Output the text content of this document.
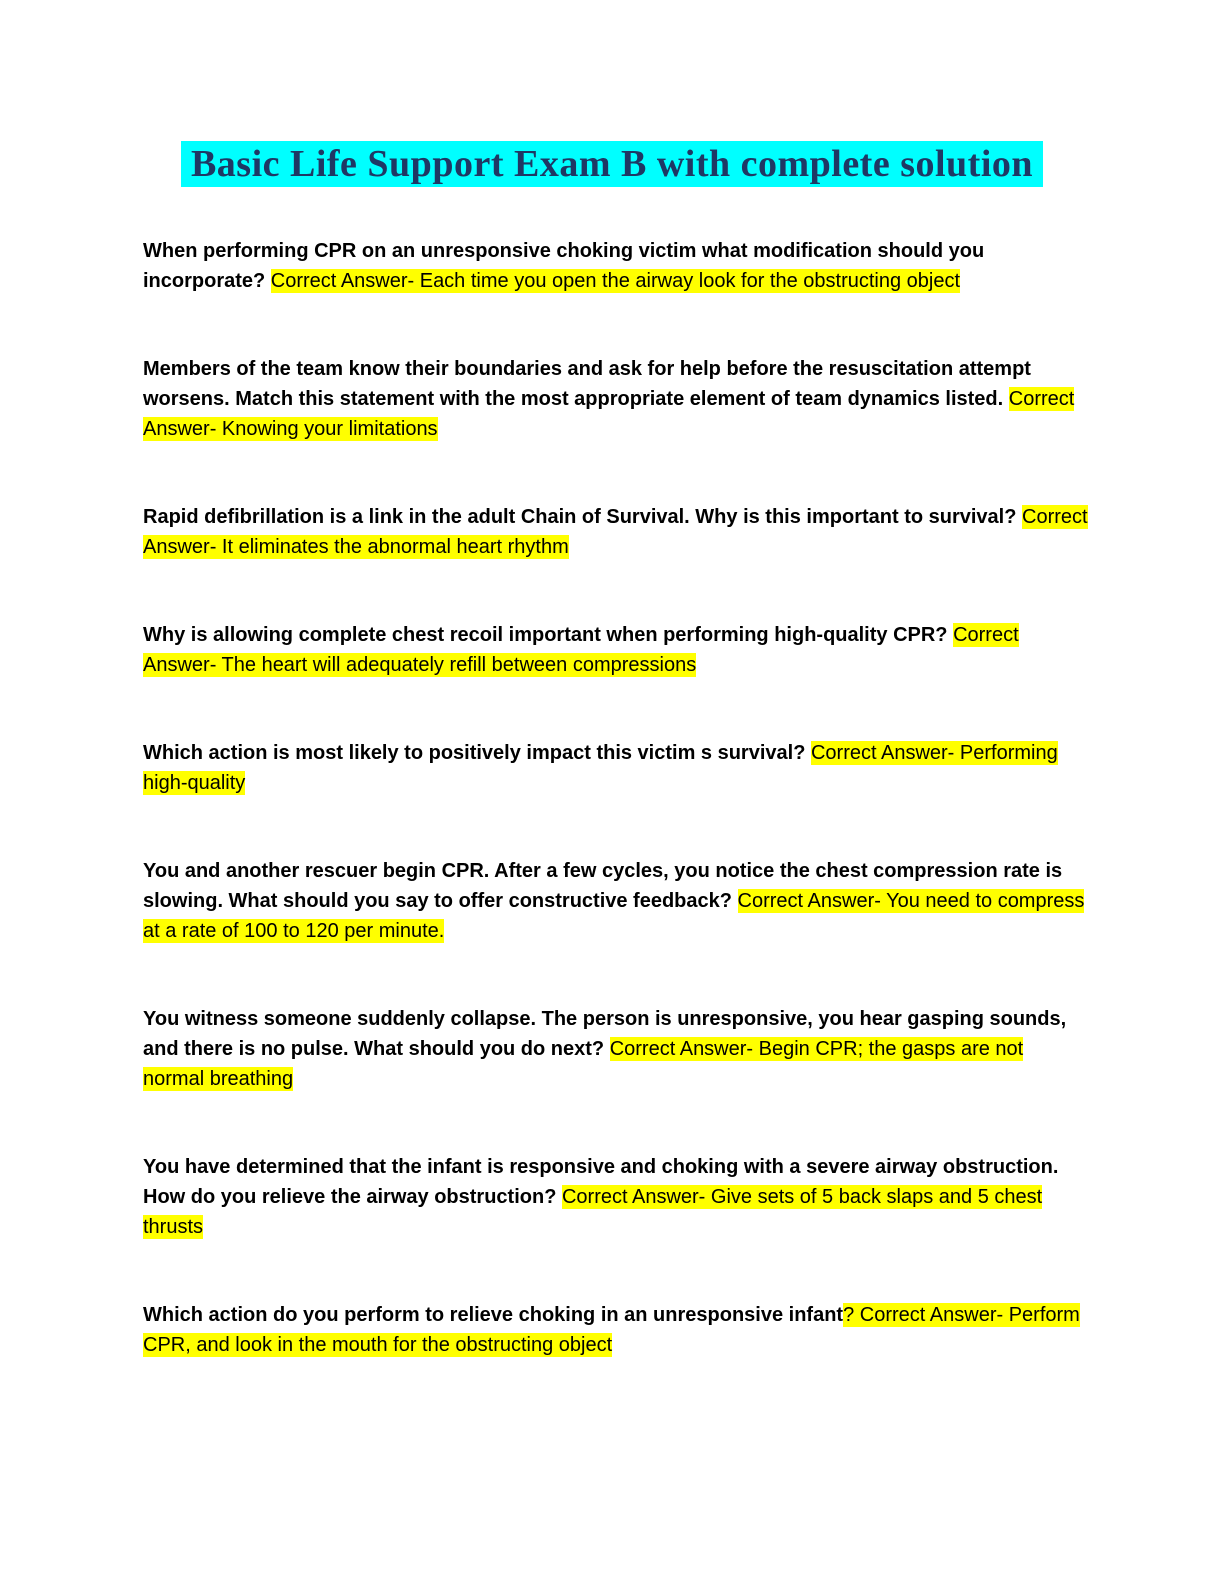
Basic Life Support Exam B with complete solution

When performing CPR on an unresponsive choking victim what modification should you incorporate? Correct Answer- Each time you open the airway look for the obstructing object

Members of the team know their boundaries and ask for help before the resuscitation attempt worsens. Match this statement with the most appropriate element of team dynamics listed. Correct Answer- Knowing your limitations

Rapid defibrillation is a link in the adult Chain of Survival. Why is this important to survival? Correct Answer- It eliminates the abnormal heart rhythm

Why is allowing complete chest recoil important when performing high-quality CPR? Correct Answer- The heart will adequately refill between compressions

Which action is most likely to positively impact this victim s survival? Correct Answer- Performing high-quality

You and another rescuer begin CPR. After a few cycles, you notice the chest compression rate is slowing. What should you say to offer constructive feedback? Correct Answer- You need to compress at a rate of 100 to 120 per minute.

You witness someone suddenly collapse. The person is unresponsive, you hear gasping sounds, and there is no pulse. What should you do next? Correct Answer- Begin CPR; the gasps are not normal breathing

You have determined that the infant is responsive and choking with a severe airway obstruction. How do you relieve the airway obstruction? Correct Answer- Give sets of 5 back slaps and 5 chest thrusts

Which action do you perform to relieve choking in an unresponsive infant? Correct Answer- Perform CPR, and look in the mouth for the obstructing object
